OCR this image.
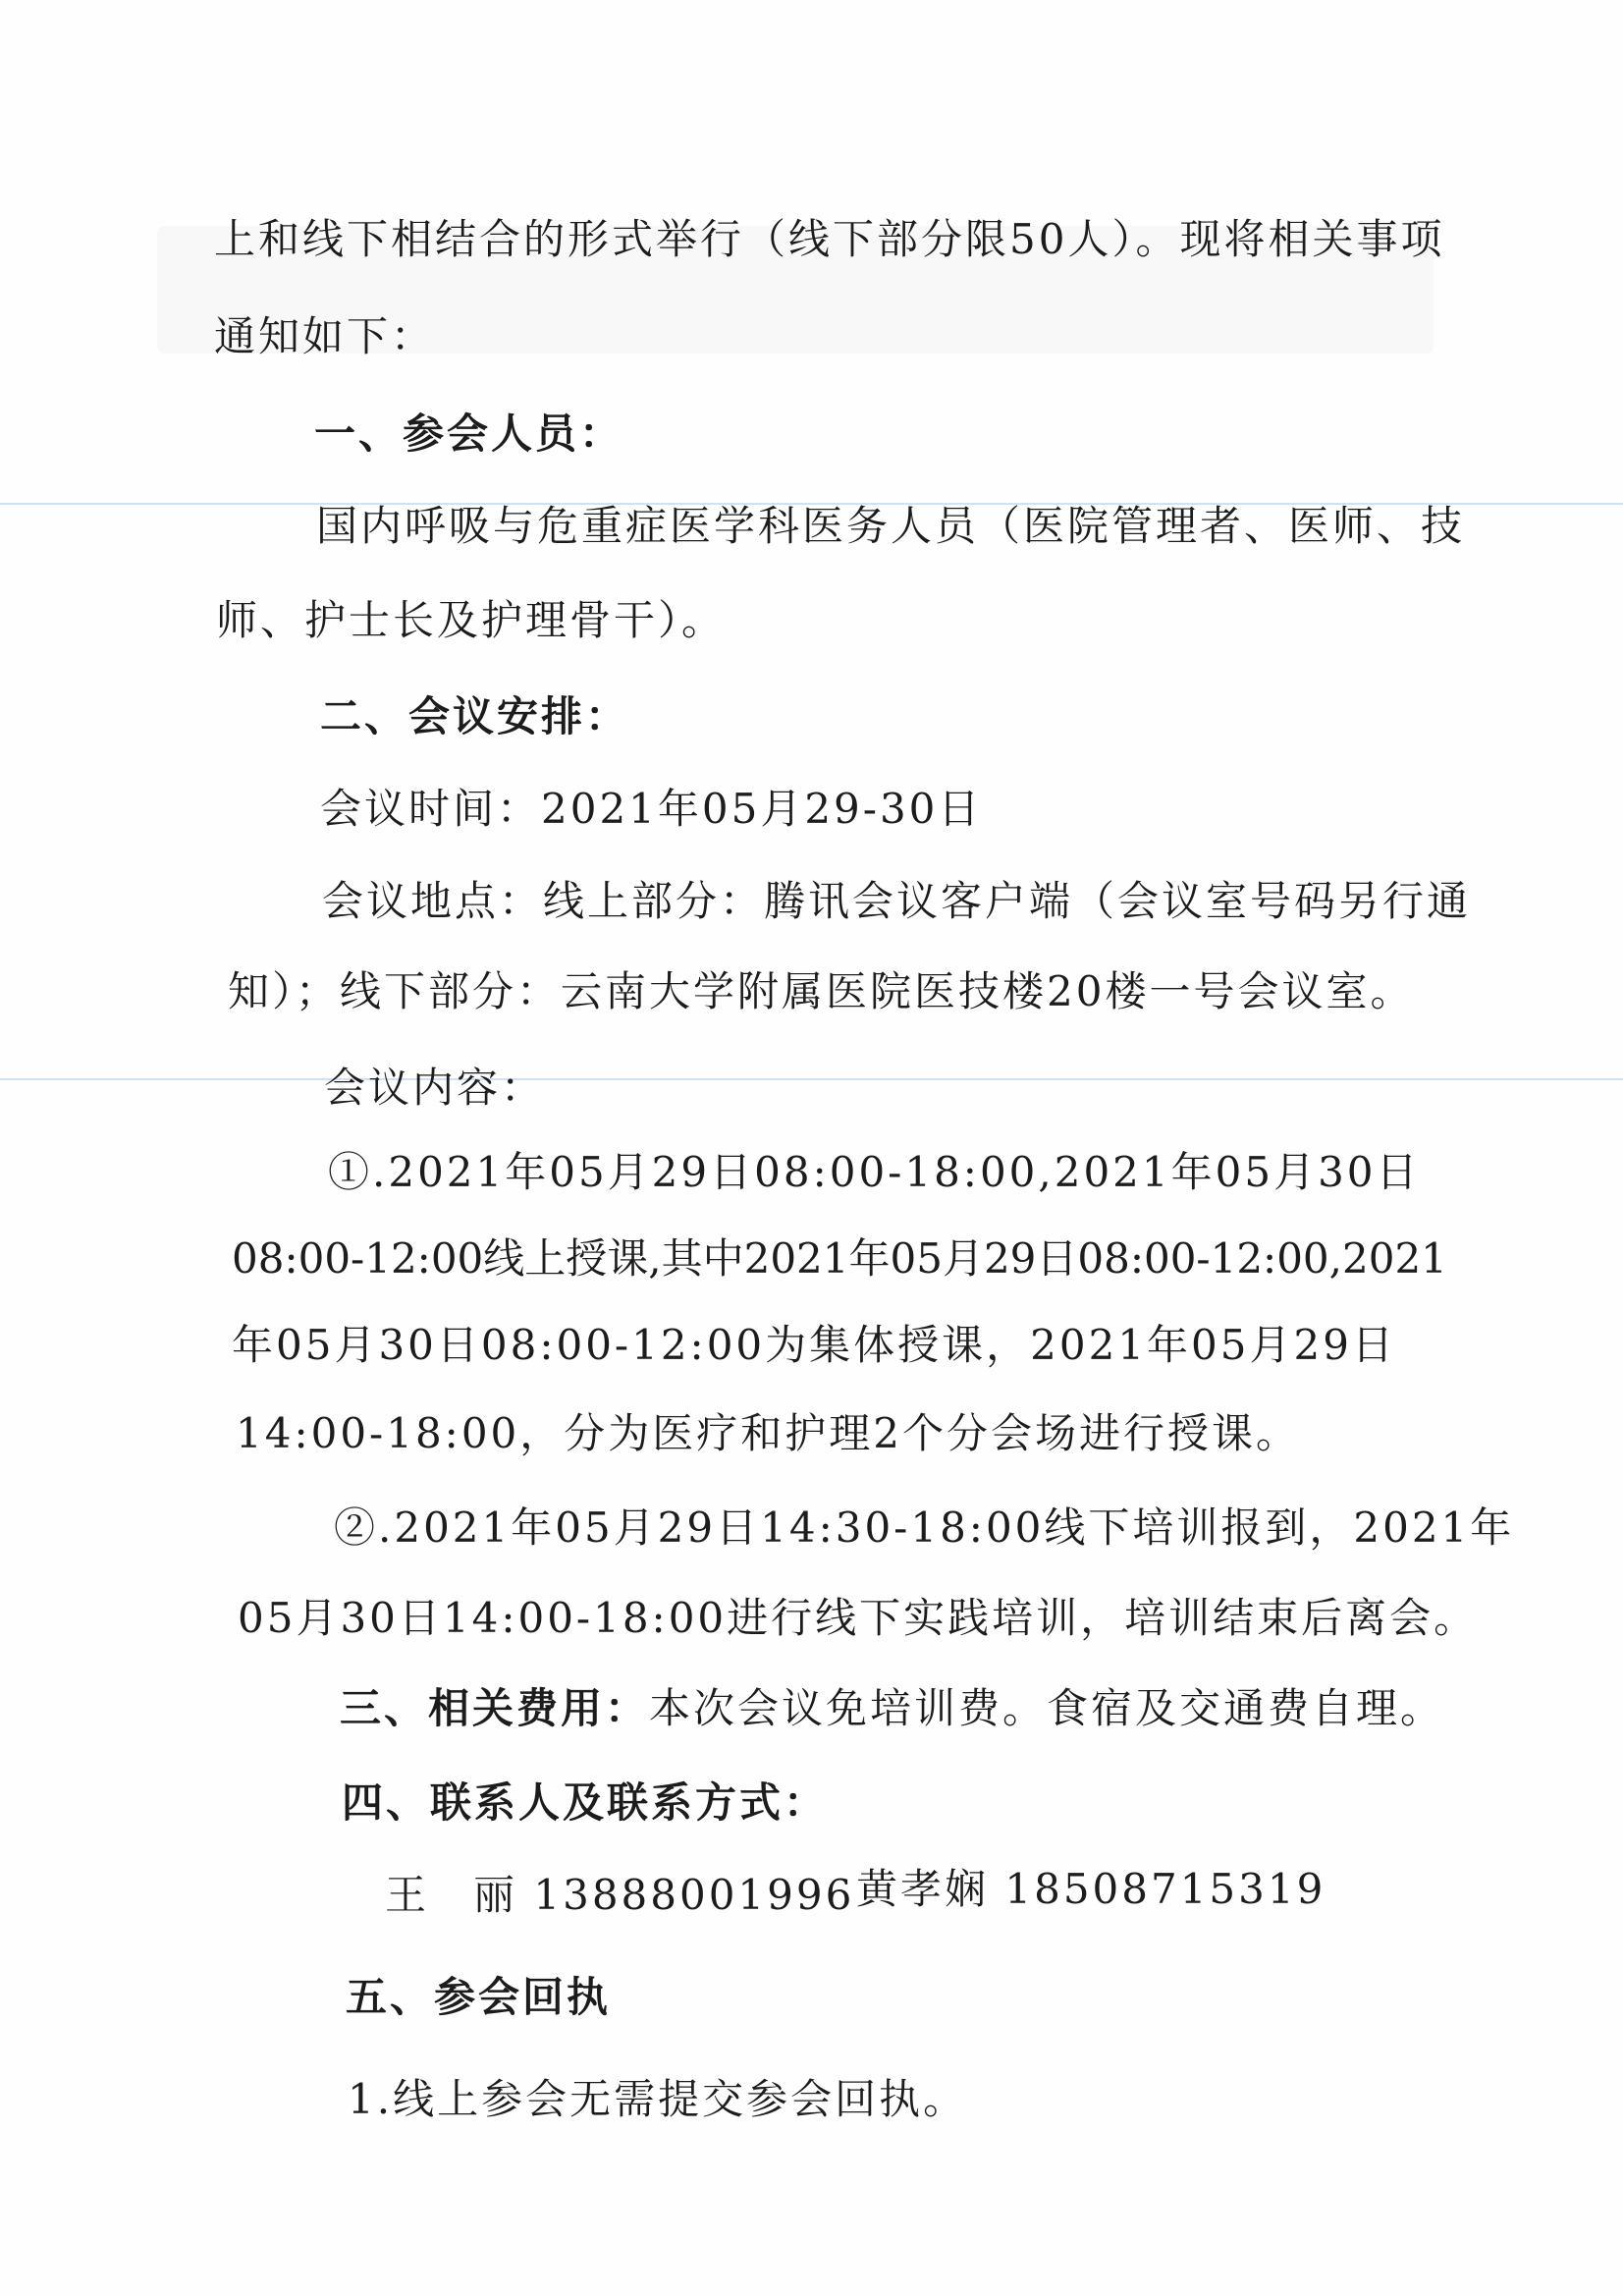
上和线下相结合的形式举行（线下部分限50人）。现将相关事项
通知如下：
一、参会人员：
国内呼吸与危重症医学科医务人员（医院管理者、医师、技
师、护士长及护理骨干）。
二、会议安排：
会议时间：2021年05月29-30日
会议地点：线上部分：腾讯会议客户端（会议室号码另行通
知）；线下部分：云南大学附属医院医技楼20楼一号会议室。
会议内容：
①.2021年05月29日08:00-18:00,2021年05月30日
08:00-12:00线上授课,其中2021年05月29日08:00-12:00,2021
年05月30日08:00-12:00为集体授课，2021年05月29日
14:00-18:00，分为医疗和护理2个分会场进行授课。
②.2021年05月29日14:30-18:00线下培训报到，2021年
05月30日14:00-18:00进行线下实践培训，培训结束后离会。
三、相关费用：本次会议免培训费。食宿及交通费自理。
四、联系人及联系方式：
王　丽 13888001996 黄孝娴 18508715319
五、参会回执
1.线上参会无需提交参会回执。
